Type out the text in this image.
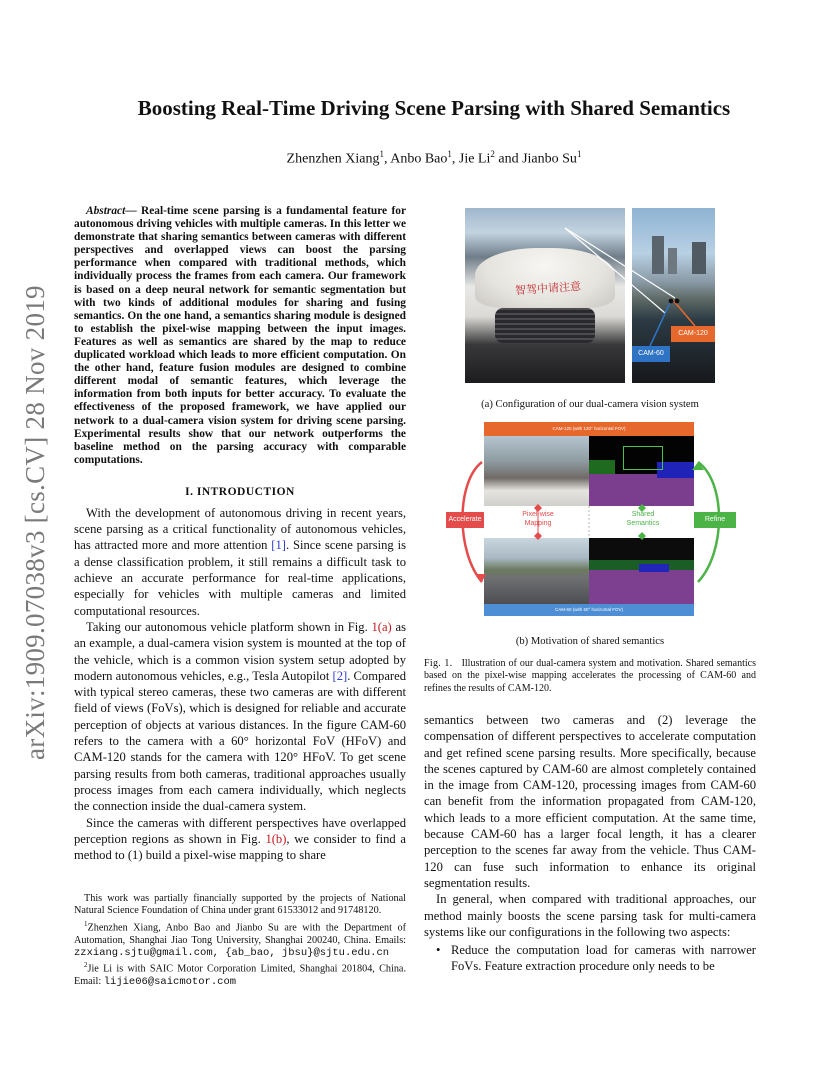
arXiv:1909.07038v3 [cs.CV] 28 Nov 2019
Boosting Real-Time Driving Scene Parsing with Shared Semantics
Zhenzhen Xiang$^1$, Anbo Bao$^1$, Jie Li$^2$ and Jianbo Su$^1$

Abstract— Real-time scene parsing is a fundamental feature for autonomous driving vehicles with multiple cameras. In this letter we demonstrate that sharing semantics between cameras with different perspectives and overlapped views can boost the parsing performance when compared with traditional methods, which individually process the frames from each camera. Our framework is based on a deep neural network for semantic segmentation but with two kinds of additional modules for sharing and fusing semantics. On the one hand, a semantics sharing module is designed to establish the pixel-wise mapping between the input images. Features as well as semantics are shared by the map to reduce duplicated workload which leads to more efficient computation. On the other hand, feature fusion modules are designed to combine different modal of semantic features, which leverage the information from both inputs for better accuracy. To evaluate the effectiveness of the proposed framework, we have applied our network to a dual-camera vision system for driving scene parsing. Experimental results show that our network outperforms the baseline method on the parsing accuracy with comparable computations.

I. INTRODUCTION

With the development of autonomous driving in recent years, scene parsing as a critical functionality of autonomous vehicles, has attracted more and more attention [1]. Since scene parsing is a dense classification problem, it still remains a difficult task to achieve an accurate performance for real-time applications, especially for vehicles with multiple cameras and limited computational resources.

Taking our autonomous vehicle platform shown in Fig. 1(a) as an example, a dual-camera vision system is mounted at the top of the vehicle, which is a common vision system setup adopted by modern autonomous vehicles, e.g., Tesla Autopilot [2]. Compared with typical stereo cameras, these two cameras are with different field of views (FoVs), which is designed for reliable and accurate perception of objects at various distances. In the figure CAM-60 refers to the camera with a 60° horizontal FoV (HFoV) and CAM-120 stands for the camera with 120° HFoV. To get scene parsing results from both cameras, traditional approaches usually process images from each camera individually, which neglects the connection inside the dual-camera system.

Since the cameras with different perspectives have overlapped perception regions as shown in Fig. 1(b), we consider to find a method to (1) build a pixel-wise mapping to share

This work was partially financially supported by the projects of National Natural Science Foundation of China under grant 61533012 and 91748120.

$^1$Zhenzhen Xiang, Anbo Bao and Jianbo Su are with the Department of Automation, Shanghai Jiao Tong University, Shanghai 200240, China. Emails: zzxiang.sjtu@gmail.com, {ab_bao, jbsu}@sjtu.edu.cn

$^2$Jie Li is with SAIC Motor Corporation Limited, Shanghai 201804, China. Email: lijie06@saicmotor.com

智驾中请注意
CAM-120
CAM-60
(a) Configuration of our dual-camera vision system
CAM-120 (with 120° horizontal FOV)
CAM-60 (with 60° horizontal FOV)
Accelerate	Refine
Pixel-wise Mapping
Shared Semantics
(b) Motivation of shared semantics

Fig. 1. Illustration of our dual-camera system and motivation. Shared semantics based on the pixel-wise mapping accelerates the processing of CAM-60 and refines the results of CAM-120.

semantics between two cameras and (2) leverage the compensation of different perspectives to accelerate computation and get refined scene parsing results. More specifically, because the scenes captured by CAM-60 are almost completely contained in the image from CAM-120, processing images from CAM-60 can benefit from the information propagated from CAM-120, which leads to a more efficient computation. At the same time, because CAM-60 has a larger focal length, it has a clearer perception to the scenes far away from the vehicle. Thus CAM-120 can fuse such information to enhance its original segmentation results.

In general, when compared with traditional approaches, our method mainly boosts the scene parsing task for multi-camera systems like our configurations in the following two aspects:

• Reduce the computation load for cameras with narrower FoVs. Feature extraction procedure only needs to be
